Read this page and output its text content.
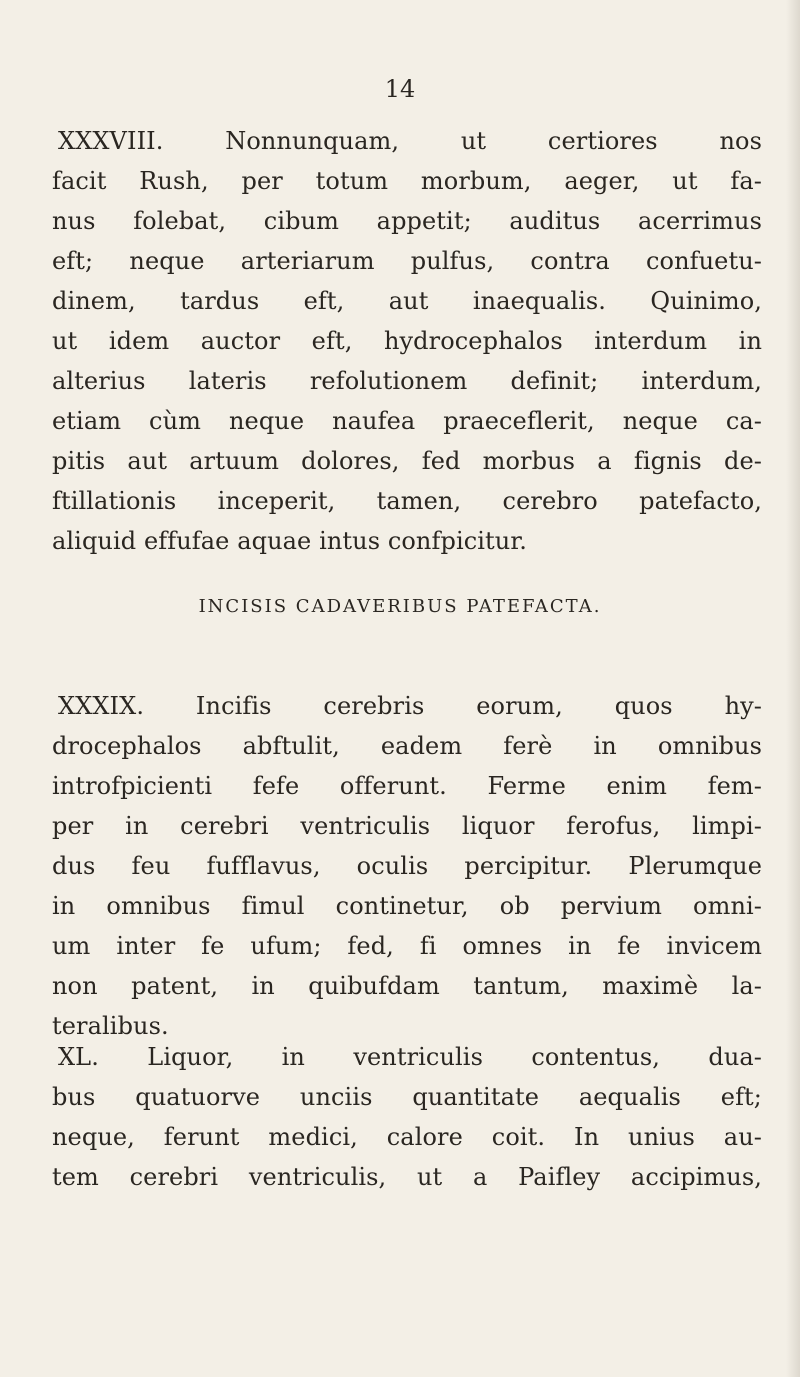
14
XXXVIII. Nonnunquam, ut certiores nos
facit Rush, per totum morbum, aeger, ut fa-
nus folebat, cibum appetit; auditus acerrimus
eft; neque arteriarum pulfus, contra confuetu-
dinem, tardus eft, aut inaequalis. Quinimo,
ut idem auctor eft, hydrocephalos interdum in
alterius lateris refolutionem definit; interdum,
etiam cùm neque naufea praeceflerit, neque ca-
pitis aut artuum dolores, fed morbus a fignis de-
ftillationis inceperit, tamen, cerebro patefacto,
aliquid effufae aquae intus confpicitur.
INCISIS CADAVERIBUS PATEFACTA.
XXXIX. Incifis cerebris eorum, quos hy-
drocephalos abftulit, eadem ferè in omnibus
introfpicienti fefe offerunt. Ferme enim fem-
per in cerebri ventriculis liquor ferofus, limpi-
dus feu fufflavus, oculis percipitur. Plerumque
in omnibus fimul continetur, ob pervium omni-
um inter fe ufum; fed, fi omnes in fe invicem
non patent, in quibufdam tantum, maximè la-
teralibus.
XL. Liquor, in ventriculis contentus, dua-
bus quatuorve unciis quantitate aequalis eft;
neque, ferunt medici, calore coit. In unius au-
tem cerebri ventriculis, ut a Paifley accipimus,
